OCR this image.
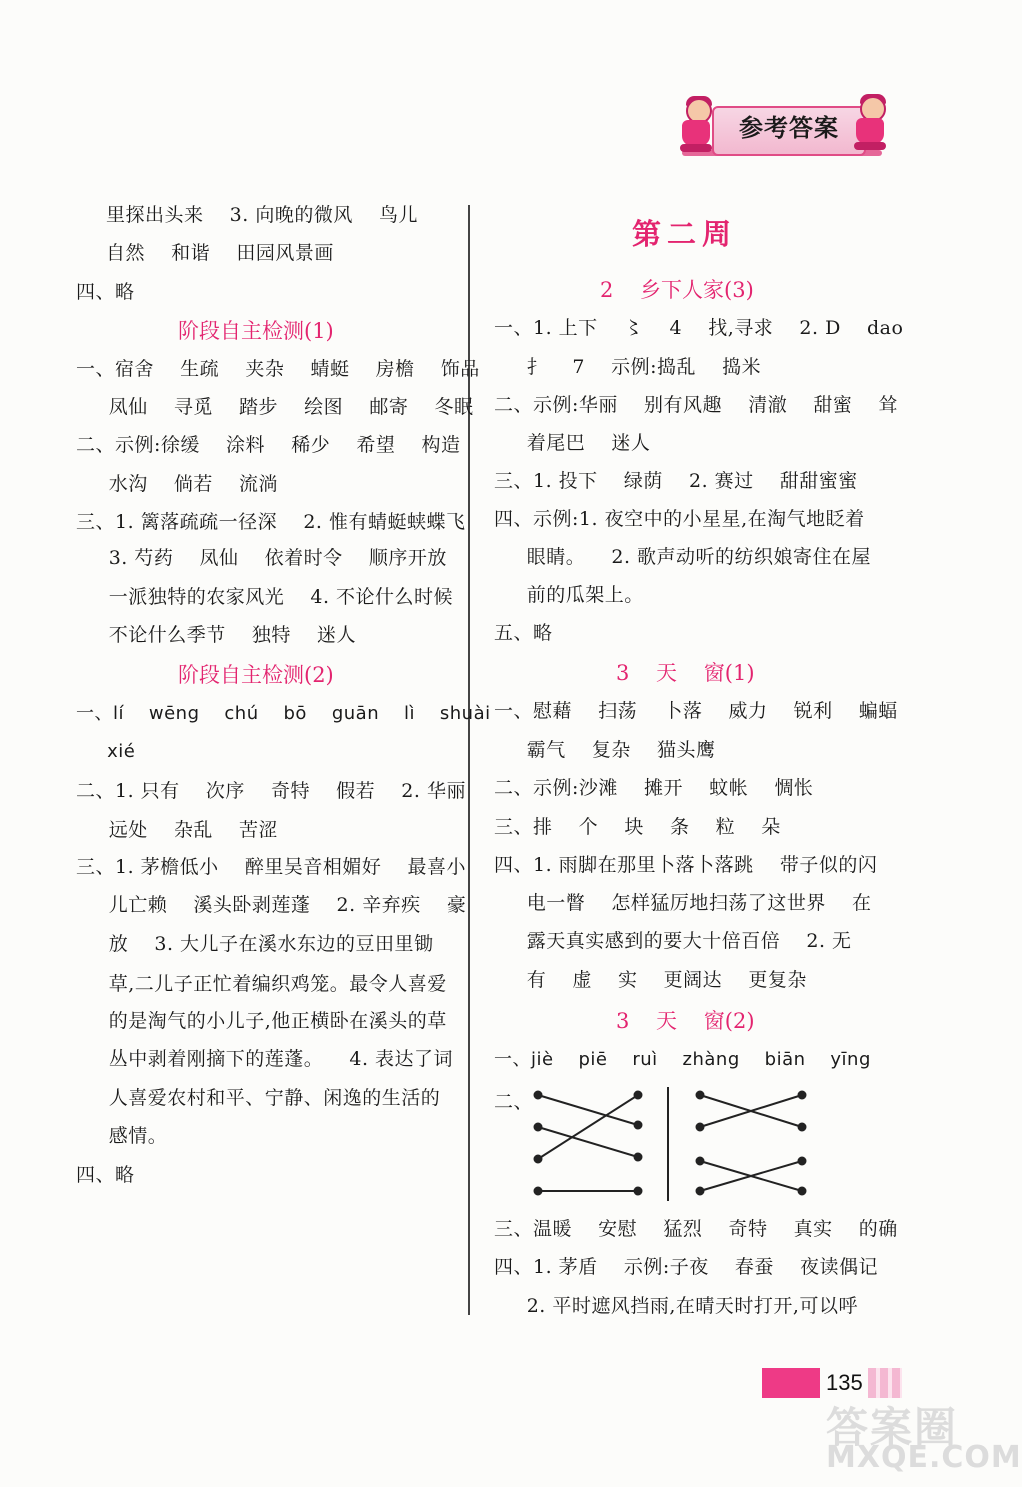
参考答案
里探出头来    3. 向晚的微风    鸟儿
自然    和谐    田园风景画
四、略
阶段自主检测(1)
一、宿舍    生疏    夹杂    蜻蜓    房檐    饰品
凤仙    寻觅    踏步    绘图    邮寄    冬眠
二、示例:徐缓    涂料    稀少    希望    构造
水沟    倘若    流淌
三、1. 篱落疏疏一径深    2. 惟有蜻蜓蛱蝶飞
3. 芍药    凤仙    依着时令    顺序开放
一派独特的农家风光    4. 不论什么时候
不论什么季节    独特    迷人
阶段自主检测(2)
一、lí    wēng    chú    bō    guān    lì    shuài
xié
二、1. 只有    次序    奇特    假若    2. 华丽
远处    杂乱    苦涩
三、1. 茅檐低小    醉里吴音相媚好    最喜小
儿亡赖    溪头卧剥莲蓬    2. 辛弃疾    豪
放    3. 大儿子在溪水东边的豆田里锄
草,二儿子正忙着编织鸡笼。最令人喜爱
的是淘气的小儿子,他正横卧在溪头的草
丛中剥着刚摘下的莲蓬。    4. 表达了词
人喜爱农村和平、宁静、闲逸的生活的
感情。
四、略
第二周
2    乡下人家(3)
一、1. 上下    〻    4    找,寻求    2. D    dao
扌    7    示例:捣乱    捣米
二、示例:华丽    别有风趣    清澈    甜蜜    耸
着尾巴    迷人
三、1. 投下    绿荫    2. 赛过    甜甜蜜蜜
四、示例:1. 夜空中的小星星,在淘气地眨着
眼睛。    2. 歌声动听的纺织娘寄住在屋
前的瓜架上。
五、略
3    天    窗(1)
一、慰藉    扫荡    卜落    威力    锐利    蝙蝠
霸气    复杂    猫头鹰
二、示例:沙滩    摊开    蚊帐    惆怅
三、排    个    块    条    粒    朵
四、1. 雨脚在那里卜落卜落跳    带子似的闪
电一瞥    怎样猛厉地扫荡了这世界    在
露天真实感到的要大十倍百倍    2. 无
有    虚    实    更阔达    更复杂
3    天    窗(2)
一、jiè    piē    ruì    zhàng    biān    yīng
二、
三、温暖    安慰    猛烈    奇特    真实    的确
四、1. 茅盾    示例:子夜    春蚕    夜读偶记
2. 平时遮风挡雨,在晴天时打开,可以呼
135
答案圈
MXQE.COM
